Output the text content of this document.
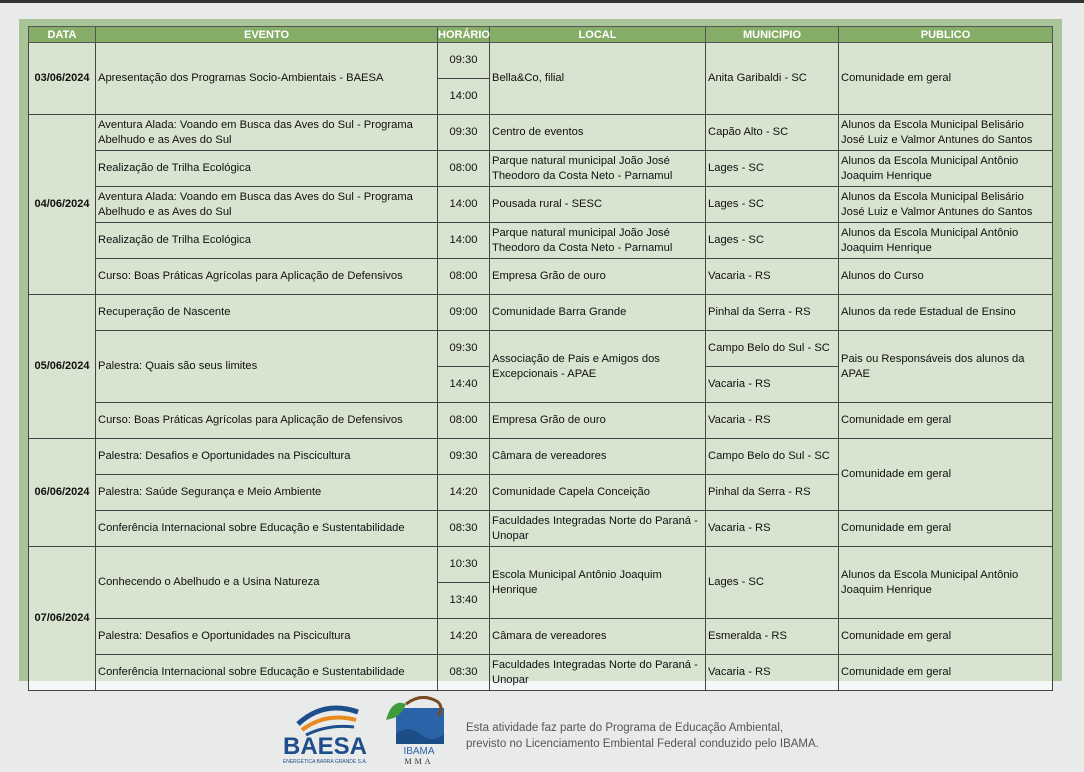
DATA	EVENTO	HORÁRIO	LOCAL	MUNICIPIO	PUBLICO
03/06/2024	Apresentação dos Programas Socio-Ambientais - BAESA	09:30	Bella&Co, filial	Anita Garibaldi - SC	Comunidade em geral
		14:00			
04/06/2024	Aventura Alada: Voando em Busca das Aves do Sul - Programa Abelhudo e as Aves do Sul	09:30	Centro de eventos	Capão Alto - SC	Alunos da Escola Municipal Belisário José Luiz e Valmor Antunes do Santos
	Realização de Trilha Ecológica	08:00	Parque natural municipal João José Theodoro da Costa Neto - Parnamul	Lages - SC	Alunos da Escola Municipal Antônio Joaquim Henrique
	Aventura Alada: Voando em Busca das Aves do Sul - Programa Abelhudo e as Aves do Sul	14:00	Pousada rural - SESC	Lages - SC	Alunos da Escola Municipal Belisário José Luiz e Valmor Antunes do Santos
	Realização de Trilha Ecológica	14:00	Parque natural municipal João José Theodoro da Costa Neto - Parnamul	Lages - SC	Alunos da Escola Municipal Antônio Joaquim Henrique
	Curso: Boas Práticas Agrícolas para Aplicação de Defensivos	08:00	Empresa Grão de ouro	Vacaria - RS	Alunos do Curso
05/06/2024	Recuperação de Nascente	09:00	Comunidade Barra Grande	Pinhal da Serra - RS	Alunos da rede Estadual de Ensino
	Palestra: Quais são seus limites	09:30	Associação de Pais e Amigos dos Excepcionais - APAE	Campo Belo do Sul - SC	Pais ou Responsáveis dos alunos da APAE
		14:40		Vacaria - RS	
	Curso: Boas Práticas Agrícolas para Aplicação de Defensivos	08:00	Empresa Grão de ouro	Vacaria - RS	Comunidade em geral
06/06/2024	Palestra: Desafios e Oportunidades na Piscicultura	09:30	Câmara de vereadores	Campo Belo do Sul - SC	Comunidade em geral
	Palestra: Saúde Segurança e Meio Ambiente	14:20	Comunidade Capela Conceição	Pinhal da Serra - RS	
	Conferência Internacional sobre Educação e Sustentabilidade	08:30	Faculdades Integradas Norte do Paraná - Unopar	Vacaria - RS	Comunidade em geral
07/06/2024	Conhecendo o Abelhudo e a Usina Natureza	10:30	Escola Municipal Antônio Joaquim Henrique	Lages - SC	Alunos da Escola Municipal Antônio Joaquim Henrique
		13:40			
	Palestra: Desafios e Oportunidades na Piscicultura	14:20	Câmara de vereadores	Esmeralda - RS	Comunidade em geral
	Conferência Internacional sobre Educação e Sustentabilidade	08:30	Faculdades Integradas Norte do Paraná - Unopar	Vacaria - RS	Comunidade em geral
BAESA
ENERGÉTICA BARRA GRANDE S.A.
IBAMA
MMA
Esta atividade faz parte do Programa de Educação Ambiental,
previsto no Licenciamento Embiental Federal conduzido pelo IBAMA.
